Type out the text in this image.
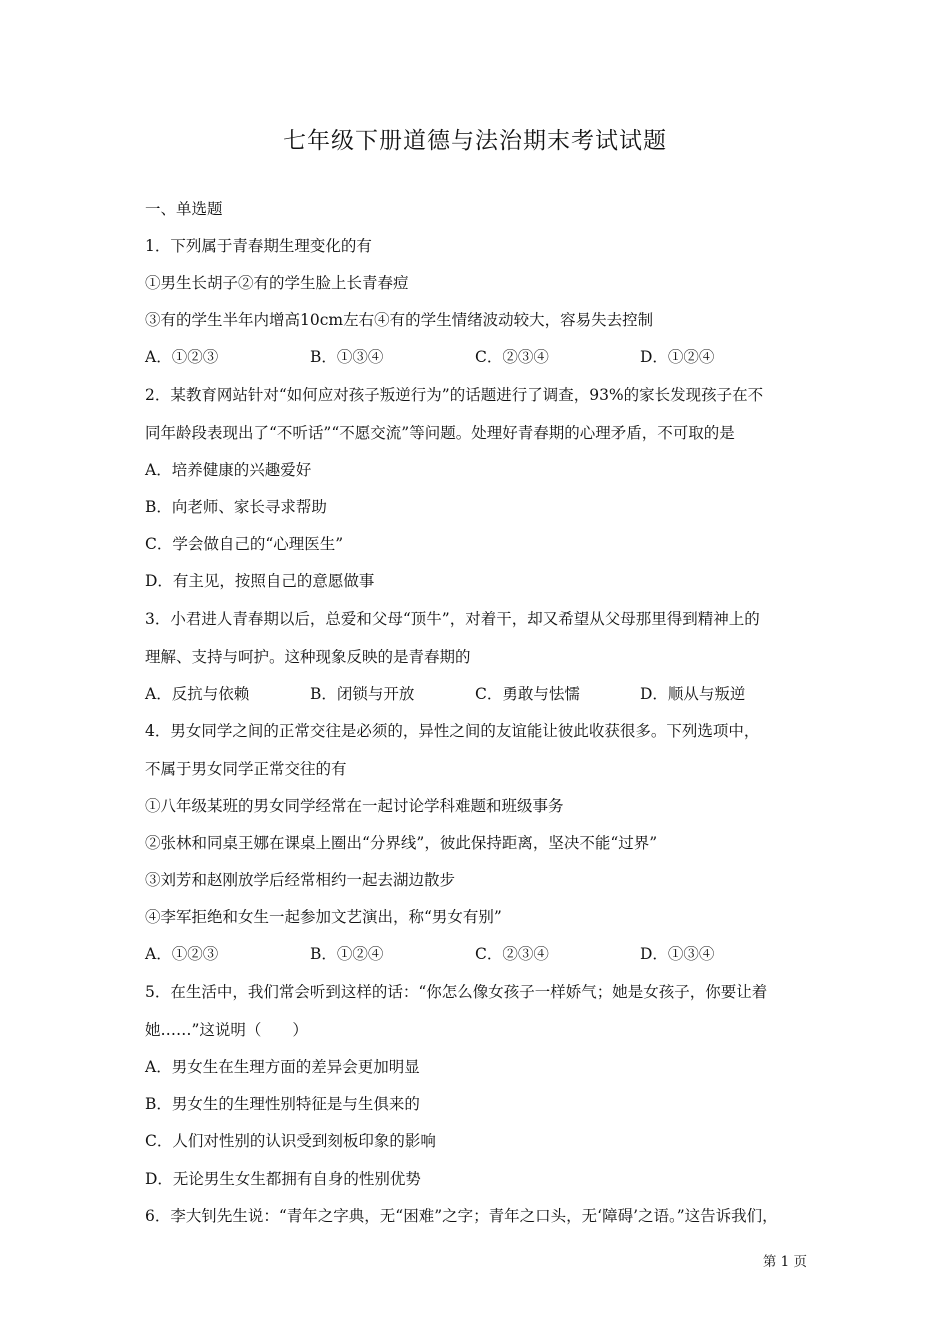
七年级下册道德与法治期末考试试题
一、单选题
1．下列属于青春期生理变化的有
①男生长胡子②有的学生脸上长青春痘
③有的学生半年内增高10cm左右④有的学生情绪波动较大，容易失去控制
A．①②③	B．①③④	C．②③④	D．①②④
2．某教育网站针对“如何应对孩子叛逆行为”的话题进行了调查，93%的家长发现孩子在不
同年龄段表现出了“不听话”“不愿交流”等问题。处理好青春期的心理矛盾，不可取的是
A．培养健康的兴趣爱好
B．向老师、家长寻求帮助
C．学会做自己的“心理医生”
D．有主见，按照自己的意愿做事
3．小君进人青春期以后，总爱和父母“顶牛”，对着干，却又希望从父母那里得到精神上的
理解、支持与呵护。这种现象反映的是青春期的
A．反抗与依赖	B．闭锁与开放	C．勇敢与怯懦	D．顺从与叛逆
4．男女同学之间的正常交往是必须的，异性之间的友谊能让彼此收获很多。下列选项中，
不属于男女同学正常交往的有
①八年级某班的男女同学经常在一起讨论学科难题和班级事务
②张林和同桌王娜在课桌上圈出“分界线”，彼此保持距离，坚决不能“过界”
③刘芳和赵刚放学后经常相约一起去湖边散步
④李军拒绝和女生一起参加文艺演出，称“男女有别”
A．①②③	B．①②④	C．②③④	D．①③④
5．在生活中，我们常会听到这样的话：“你怎么像女孩子一样娇气；她是女孩子，你要让着
她……”这说明（　　）
A．男女生在生理方面的差异会更加明显
B．男女生的生理性别特征是与生俱来的
C．人们对性别的认识受到刻板印象的影响
D．无论男生女生都拥有自身的性别优势
6．李大钊先生说：“青年之字典，无“困难”之字；青年之口头，无‘障碍’之语。”这告诉我们，
第 1 页
